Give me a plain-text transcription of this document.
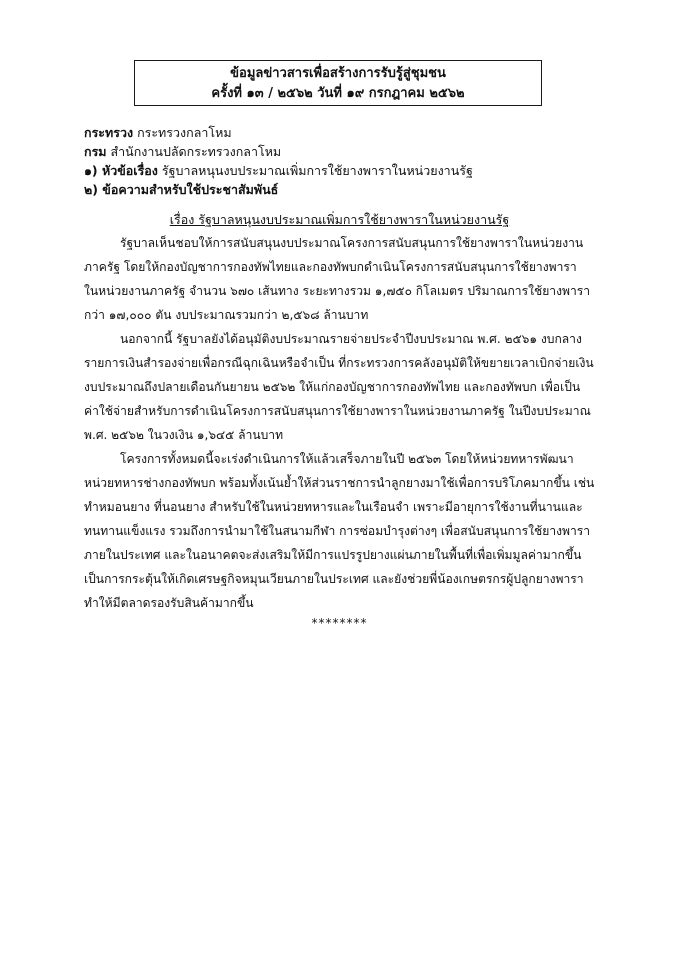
ข้อมูลข่าวสารเพื่อสร้างการรับรู้สู่ชุมชน
ครั้งที่ ๑๓ / ๒๕๖๒ วันที่ ๑๙ กรกฎาคม ๒๕๖๒
กระทรวง กระทรวงกลาโหม
กรม สำนักงานปลัดกระทรวงกลาโหม
๑) หัวข้อเรื่อง รัฐบาลหนุนงบประมาณเพิ่มการใช้ยางพาราในหน่วยงานรัฐ
๒) ข้อความสำหรับใช้ประชาสัมพันธ์
เรื่อง รัฐบาลหนุนงบประมาณเพิ่มการใช้ยางพาราในหน่วยงานรัฐ
รัฐบาลเห็นชอบให้การสนับสนุนงบประมาณโครงการสนับสนุนการใช้ยางพาราในหน่วยงาน
ภาครัฐ โดยให้กองบัญชาการกองทัพไทยและกองทัพบกดำเนินโครงการสนับสนุนการใช้ยางพารา
ในหน่วยงานภาครัฐ จำนวน ๖๗๐ เส้นทาง ระยะทางรวม ๑,๗๕๐ กิโลเมตร ปริมาณการใช้ยางพารา
กว่า ๑๗,๐๐๐ ตัน งบประมาณรวมกว่า ๒,๕๖๘ ล้านบาท
นอกจากนี้ รัฐบาลยังได้อนุมัติงบประมาณรายจ่ายประจำปีงบประมาณ พ.ศ. ๒๕๖๑ งบกลาง
รายการเงินสำรองจ่ายเพื่อกรณีฉุกเฉินหรือจำเป็น ที่กระทรวงการคลังอนุมัติให้ขยายเวลาเบิกจ่ายเงิน
งบประมาณถึงปลายเดือนกันยายน ๒๕๖๒ ให้แก่กองบัญชาการกองทัพไทย และกองทัพบก เพื่อเป็น
ค่าใช้จ่ายสำหรับการดำเนินโครงการสนับสนุนการใช้ยางพาราในหน่วยงานภาครัฐ ในปีงบประมาณ
พ.ศ. ๒๕๖๒ ในวงเงิน ๑,๖๔๕ ล้านบาท
โครงการทั้งหมดนี้จะเร่งดำเนินการให้แล้วเสร็จภายในปี ๒๕๖๓ โดยให้หน่วยทหารพัฒนา
หน่วยทหารช่างกองทัพบก พร้อมทั้งเน้นย้ำให้ส่วนราชการนำลูกยางมาใช้เพื่อการบริโภคมากขึ้น เช่น
ทำหมอนยาง ที่นอนยาง สำหรับใช้ในหน่วยทหารและในเรือนจำ เพราะมีอายุการใช้งานที่นานและ
ทนทานแข็งแรง รวมถึงการนำมาใช้ในสนามกีฬา การซ่อมบำรุงต่างๆ เพื่อสนับสนุนการใช้ยางพารา
ภายในประเทศ และในอนาคตจะส่งเสริมให้มีการแปรรูปยางแผ่นภายในพื้นที่เพื่อเพิ่มมูลค่ามากขึ้น
เป็นการกระตุ้นให้เกิดเศรษฐกิจหมุนเวียนภายในประเทศ และยังช่วยพี่น้องเกษตรกรผู้ปลูกยางพารา
ทำให้มีตลาดรองรับสินค้ามากขึ้น
********
